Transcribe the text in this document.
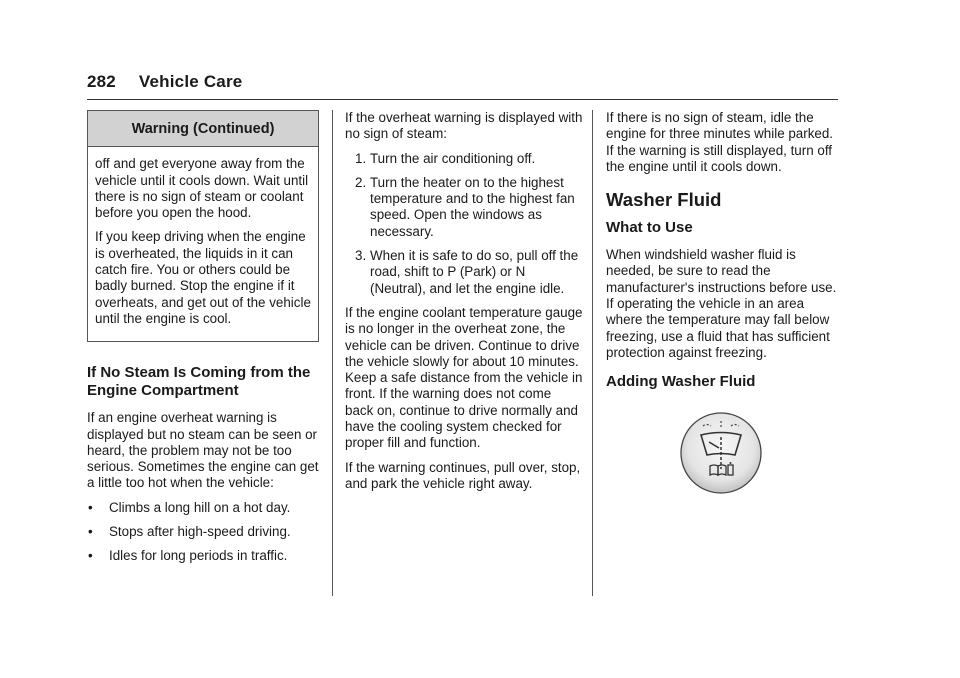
282 Vehicle Care
Warning (Continued)

off and get everyone away from the vehicle until it cools down. Wait until there is no sign of steam or coolant before you open the hood.

If you keep driving when the engine is overheated, the liquids in it can catch fire. You or others could be badly burned. Stop the engine if it overheats, and get out of the vehicle until the engine is cool.

If No Steam Is Coming from the Engine Compartment

If an engine overheat warning is displayed but no steam can be seen or heard, the problem may not be too serious. Sometimes the engine can get a little too hot when the vehicle:

• Climbs a long hill on a hot day.
• Stops after high-speed driving.
• Idles for long periods in traffic.

If the overheat warning is displayed with no sign of steam:

1. Turn the air conditioning off.
2. Turn the heater on to the highest temperature and to the highest fan speed. Open the windows as necessary.
3. When it is safe to do so, pull off the road, shift to P (Park) or N (Neutral), and let the engine idle.

If the engine coolant temperature gauge is no longer in the overheat zone, the vehicle can be driven. Continue to drive the vehicle slowly for about 10 minutes. Keep a safe distance from the vehicle in front. If the warning does not come back on, continue to drive normally and have the cooling system checked for proper fill and function.

If the warning continues, pull over, stop, and park the vehicle right away.

If there is no sign of steam, idle the engine for three minutes while parked. If the warning is still displayed, turn off the engine until it cools down.

Washer Fluid
What to Use

When windshield washer fluid is needed, be sure to read the manufacturer's instructions before use. If operating the vehicle in an area where the temperature may fall below freezing, use a fluid that has sufficient protection against freezing.

Adding Washer Fluid
